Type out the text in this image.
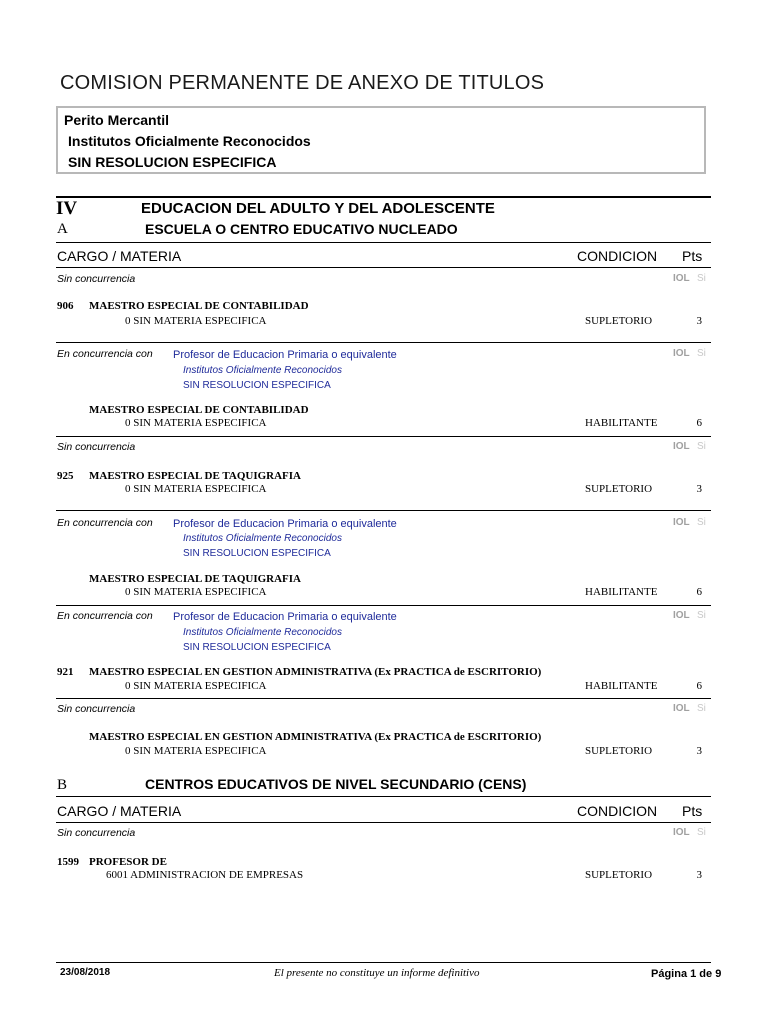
COMISION PERMANENTE DE ANEXO DE TITULOS
Perito Mercantil
Institutos Oficialmente Reconocidos
SIN RESOLUCION ESPECIFICA
IV	EDUCACION DEL ADULTO Y DEL ADOLESCENTE
A	ESCUELA O CENTRO EDUCATIVO NUCLEADO
CARGO / MATERIA	CONDICION Pts
Sin concurrencia	IOL Si
906 MAESTRO ESPECIAL DE CONTABILIDAD
0 SIN MATERIA ESPECIFICA	SUPLETORIO	3
En concurrencia con Profesor de Educacion Primaria o equivalente
Institutos Oficialmente Reconocidos
SIN RESOLUCION ESPECIFICA
IOL Si
MAESTRO ESPECIAL DE CONTABILIDAD
0 SIN MATERIA ESPECIFICA	HABILITANTE	6
Sin concurrencia	IOL Si
925 MAESTRO ESPECIAL DE TAQUIGRAFIA
0 SIN MATERIA ESPECIFICA	SUPLETORIO	3
En concurrencia con Profesor de Educacion Primaria o equivalente
Institutos Oficialmente Reconocidos
SIN RESOLUCION ESPECIFICA
IOL Si
MAESTRO ESPECIAL DE TAQUIGRAFIA
0 SIN MATERIA ESPECIFICA	HABILITANTE	6
En concurrencia con Profesor de Educacion Primaria o equivalente
Institutos Oficialmente Reconocidos
SIN RESOLUCION ESPECIFICA
IOL Si
921 MAESTRO ESPECIAL EN GESTION ADMINISTRATIVA (Ex PRACTICA de ESCRITORIO)
0 SIN MATERIA ESPECIFICA	HABILITANTE	6
Sin concurrencia	IOL Si
MAESTRO ESPECIAL EN GESTION ADMINISTRATIVA (Ex PRACTICA de ESCRITORIO)
0 SIN MATERIA ESPECIFICA	SUPLETORIO	3
B	CENTROS EDUCATIVOS DE NIVEL SECUNDARIO (CENS)
CARGO / MATERIA	CONDICION Pts
Sin concurrencia	IOL Si
1599 PROFESOR DE
6001 ADMINISTRACION DE EMPRESAS	SUPLETORIO	3
23/08/2018	El presente no constituye un informe definitivo	Página 1 de 9
